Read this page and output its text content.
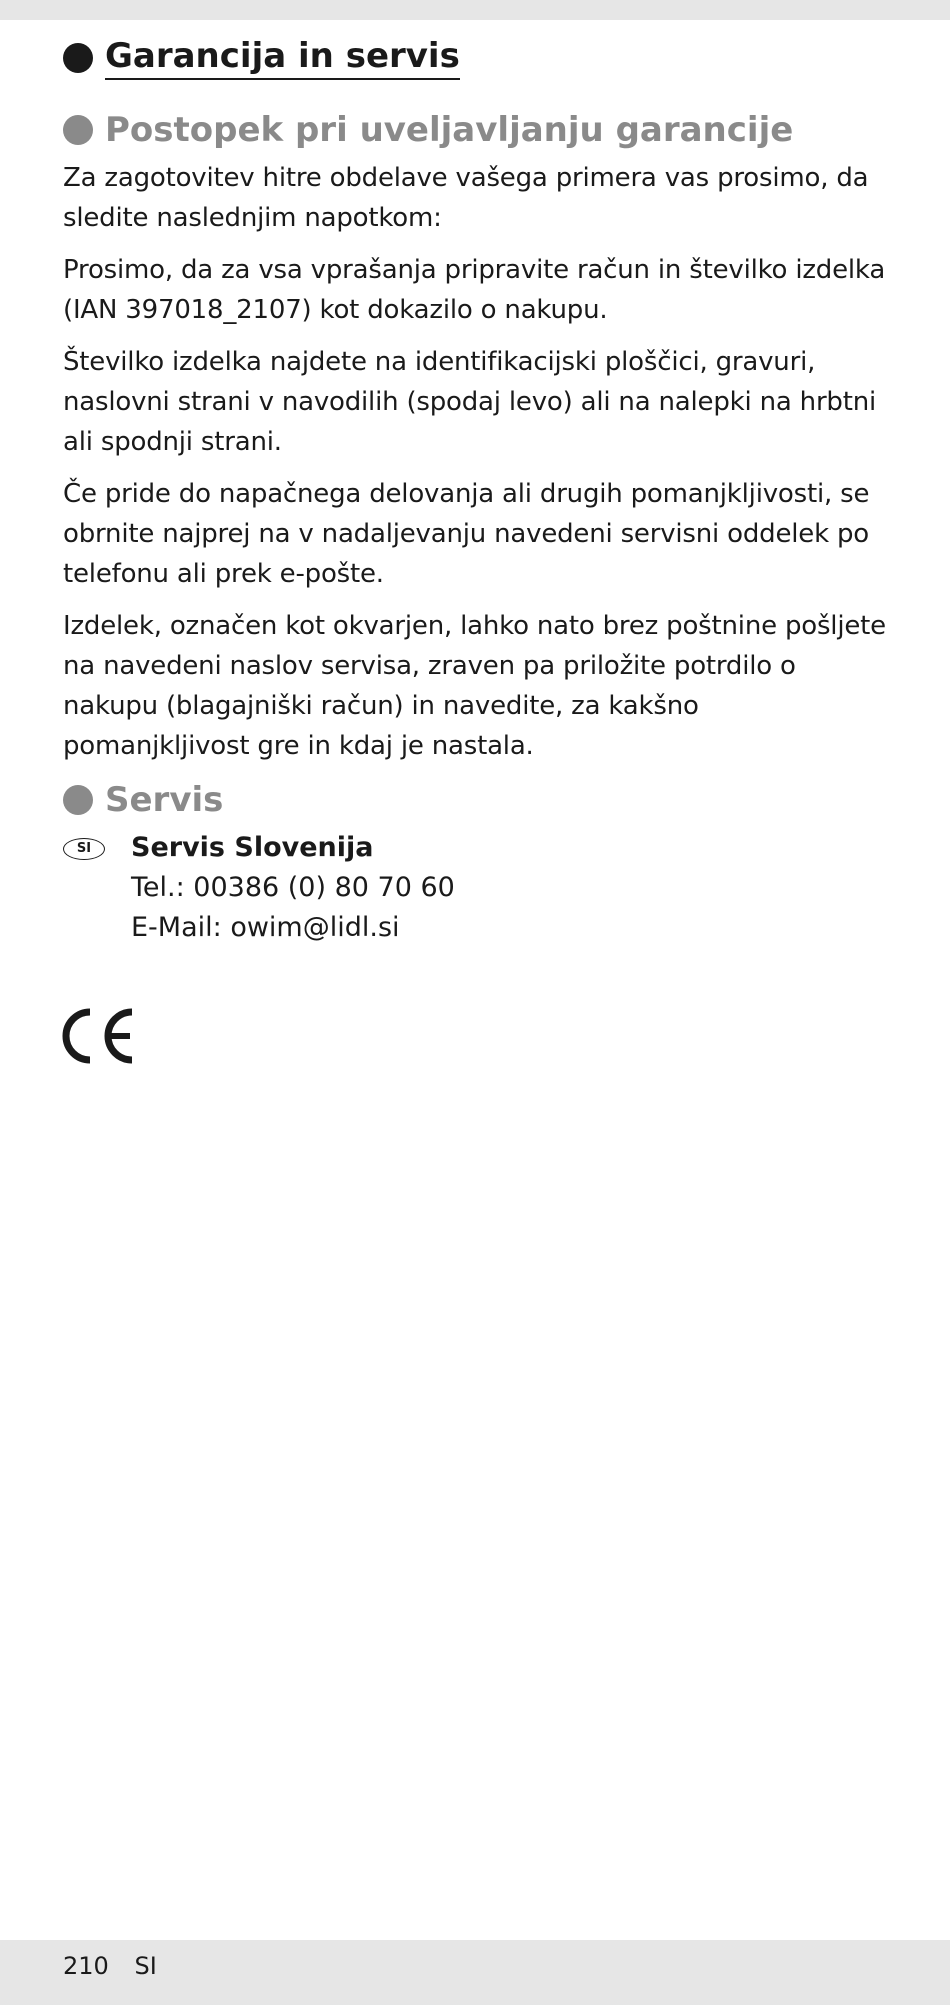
Garancija in servis
Postopek pri uveljavljanju garancije

Za zagotovitev hitre obdelave vašega primera vas prosimo, da sledite naslednjim napotkom:

Prosimo, da za vsa vprašanja pripravite račun in številko izdelka (IAN 397018_2107) kot dokazilo o nakupu.

Številko izdelka najdete na identifikacijski ploščici, gravuri, naslovni strani v navodilih (spodaj levo) ali na nalepki na hrbtni ali spodnji strani.

Če pride do napačnega delovanja ali drugih pomanjkljivosti, se obrnite najprej na v nadaljevanju navedeni servisni oddelek po telefonu ali prek e-pošte.

Izdelek, označen kot okvarjen, lahko nato brez poštnine pošljete na navedeni naslov servisa, zraven pa priložite potrdilo o nakupu (blagajniški račun) in navedite, za kakšno pomanjkljivost gre in kdaj je nastala.

Servis
SI	Servis Slovenija
Tel.: 00386 (0) 80 70 60
E-Mail: owim@lidl.si
210 SI
